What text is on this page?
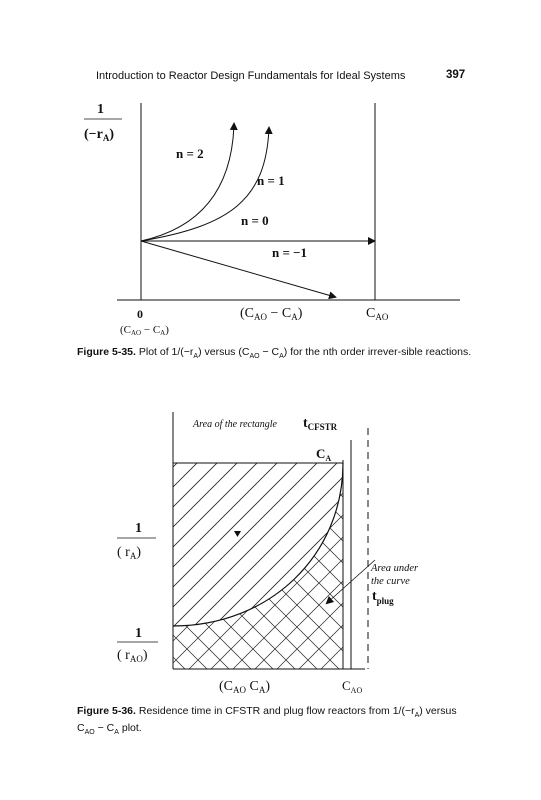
Introduction to Reactor Design Fundamentals for Ideal Systems	397
1
$(-r_A)$
n = 2
n = 1
n = 0
n = −1
0	$(C_{AO} - C_A)$	$C_{AO}$
(CAO − CA)
Area of the rectangle $t_{CFSTR}$
$C_A$
1
( $r_A$)
1
( $r_{AO}$)
Area under
the curve
$t_{plug}$
($C_{AO}$ $C_A$)	$C_{AO}$
Figure 5-35. Plot of $1/(-r_A)$ versus $(C_{AO} - C_A)$ for the nth order irrever-sible reactions.
Figure 5-36. Residence time in CFSTR and plug flow reactors from $1/(-r_A)$ versus $C_{AO} - C_A$ plot.
